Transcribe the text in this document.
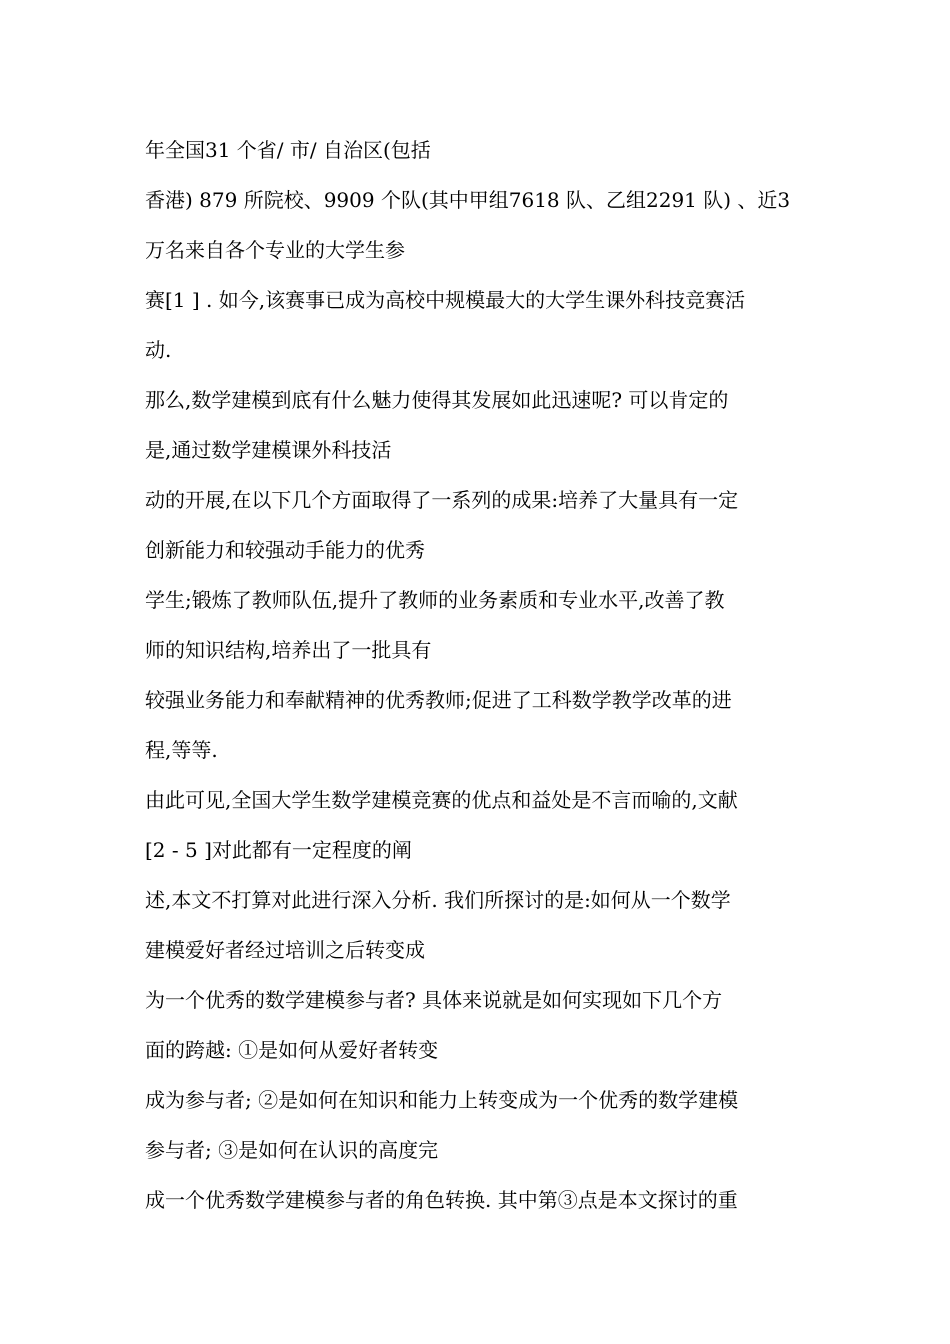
年全国31 个省/ 市/ 自治区(包括
香港) 879 所院校、9909 个队(其中甲组7618 队、乙组2291 队) 、近3
万名来自各个专业的大学生参
赛[1 ] . 如今,该赛事已成为高校中规模最大的大学生课外科技竞赛活
动.
那么,数学建模到底有什么魅力使得其发展如此迅速呢? 可以肯定的
是,通过数学建模课外科技活
动的开展,在以下几个方面取得了一系列的成果:培养了大量具有一定
创新能力和较强动手能力的优秀
学生;锻炼了教师队伍,提升了教师的业务素质和专业水平,改善了教
师的知识结构,培养出了一批具有
较强业务能力和奉献精神的优秀教师;促进了工科数学教学改革的进
程,等等.
由此可见,全国大学生数学建模竞赛的优点和益处是不言而喻的,文献
[2 - 5 ]对此都有一定程度的阐
述,本文不打算对此进行深入分析. 我们所探讨的是:如何从一个数学
建模爱好者经过培训之后转变成
为一个优秀的数学建模参与者? 具体来说就是如何实现如下几个方
面的跨越: ①是如何从爱好者转变
成为参与者; ②是如何在知识和能力上转变成为一个优秀的数学建模
参与者; ③是如何在认识的高度完
成一个优秀数学建模参与者的角色转换. 其中第③点是本文探讨的重
